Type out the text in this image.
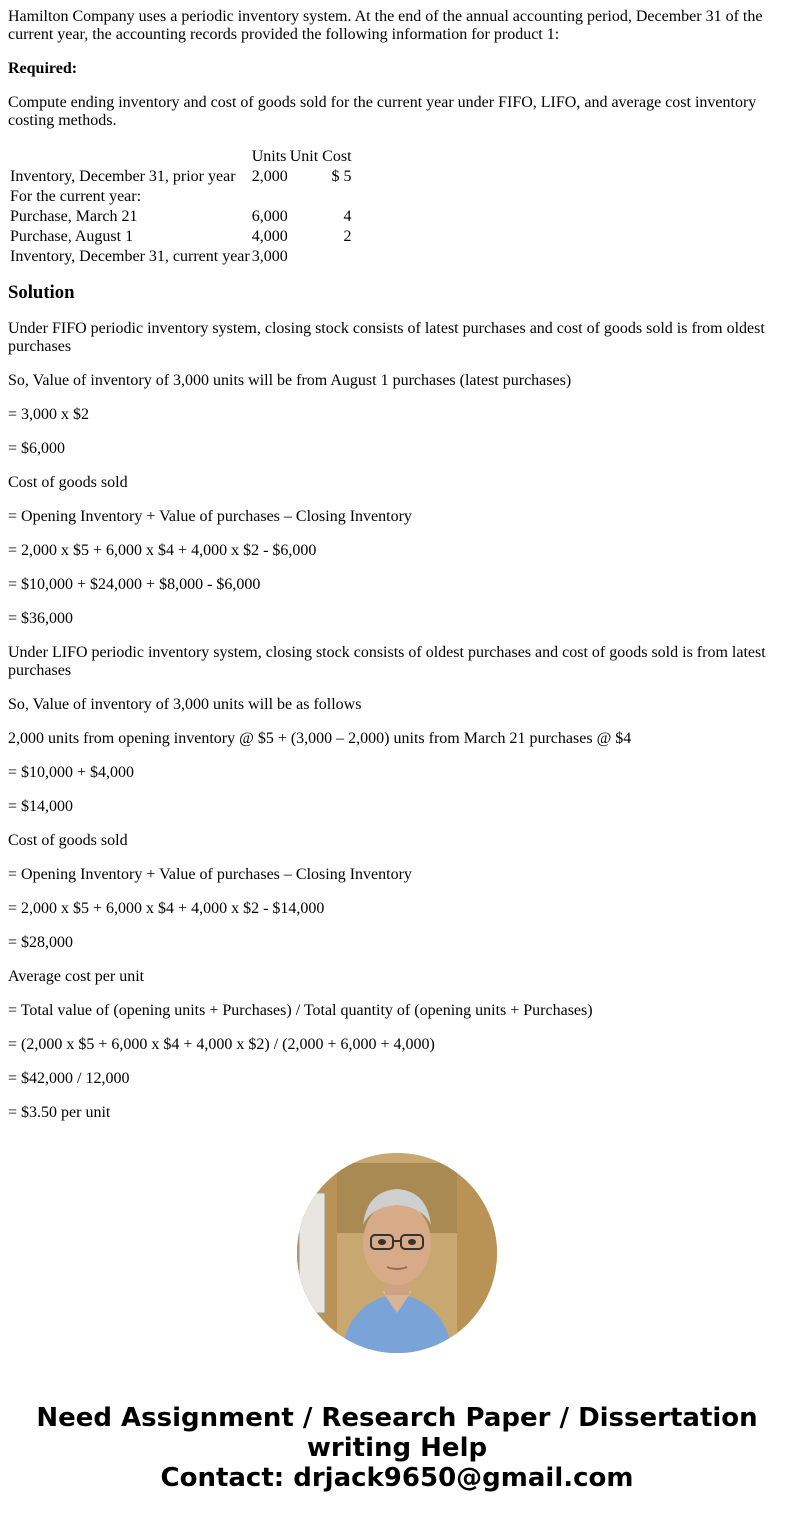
Hamilton Company uses a periodic inventory system. At the end of the annual accounting period, December 31 of the current year, the accounting records provided the following information for product 1:

Required:

Compute ending inventory and cost of goods sold for the current year under FIFO, LIFO, and average cost inventory costing methods.

	Units	Unit Cost
Inventory, December 31, prior year	2,000	$ 5
For the current year:		
Purchase, March 21	6,000	4
Purchase, August 1	4,000	2
Inventory, December 31, current year	3,000	
Solution

Under FIFO periodic inventory system, closing stock consists of latest purchases and cost of goods sold is from oldest purchases

So, Value of inventory of 3,000 units will be from August 1 purchases (latest purchases)

= 3,000 x $2

= $6,000

Cost of goods sold

= Opening Inventory + Value of purchases – Closing Inventory

= 2,000 x $5 + 6,000 x $4 + 4,000 x $2 - $6,000

= $10,000 + $24,000 + $8,000 - $6,000

= $36,000

Under LIFO periodic inventory system, closing stock consists of oldest purchases and cost of goods sold is from latest purchases

So, Value of inventory of 3,000 units will be as follows

2,000 units from opening inventory @ $5 + (3,000 – 2,000) units from March 21 purchases @ $4

= $10,000 + $4,000

= $14,000

Cost of goods sold

= Opening Inventory + Value of purchases – Closing Inventory

= 2,000 x $5 + 6,000 x $4 + 4,000 x $2 - $14,000

= $28,000

Average cost per unit

= Total value of (opening units + Purchases) / Total quantity of (opening units + Purchases)

= (2,000 x $5 + 6,000 x $4 + 4,000 x $2) / (2,000 + 6,000 + 4,000)

= $42,000 / 12,000

= $3.50 per unit

Need Assignment / Research Paper / Dissertation
writing Help
Contact: drjack9650@gmail.com
